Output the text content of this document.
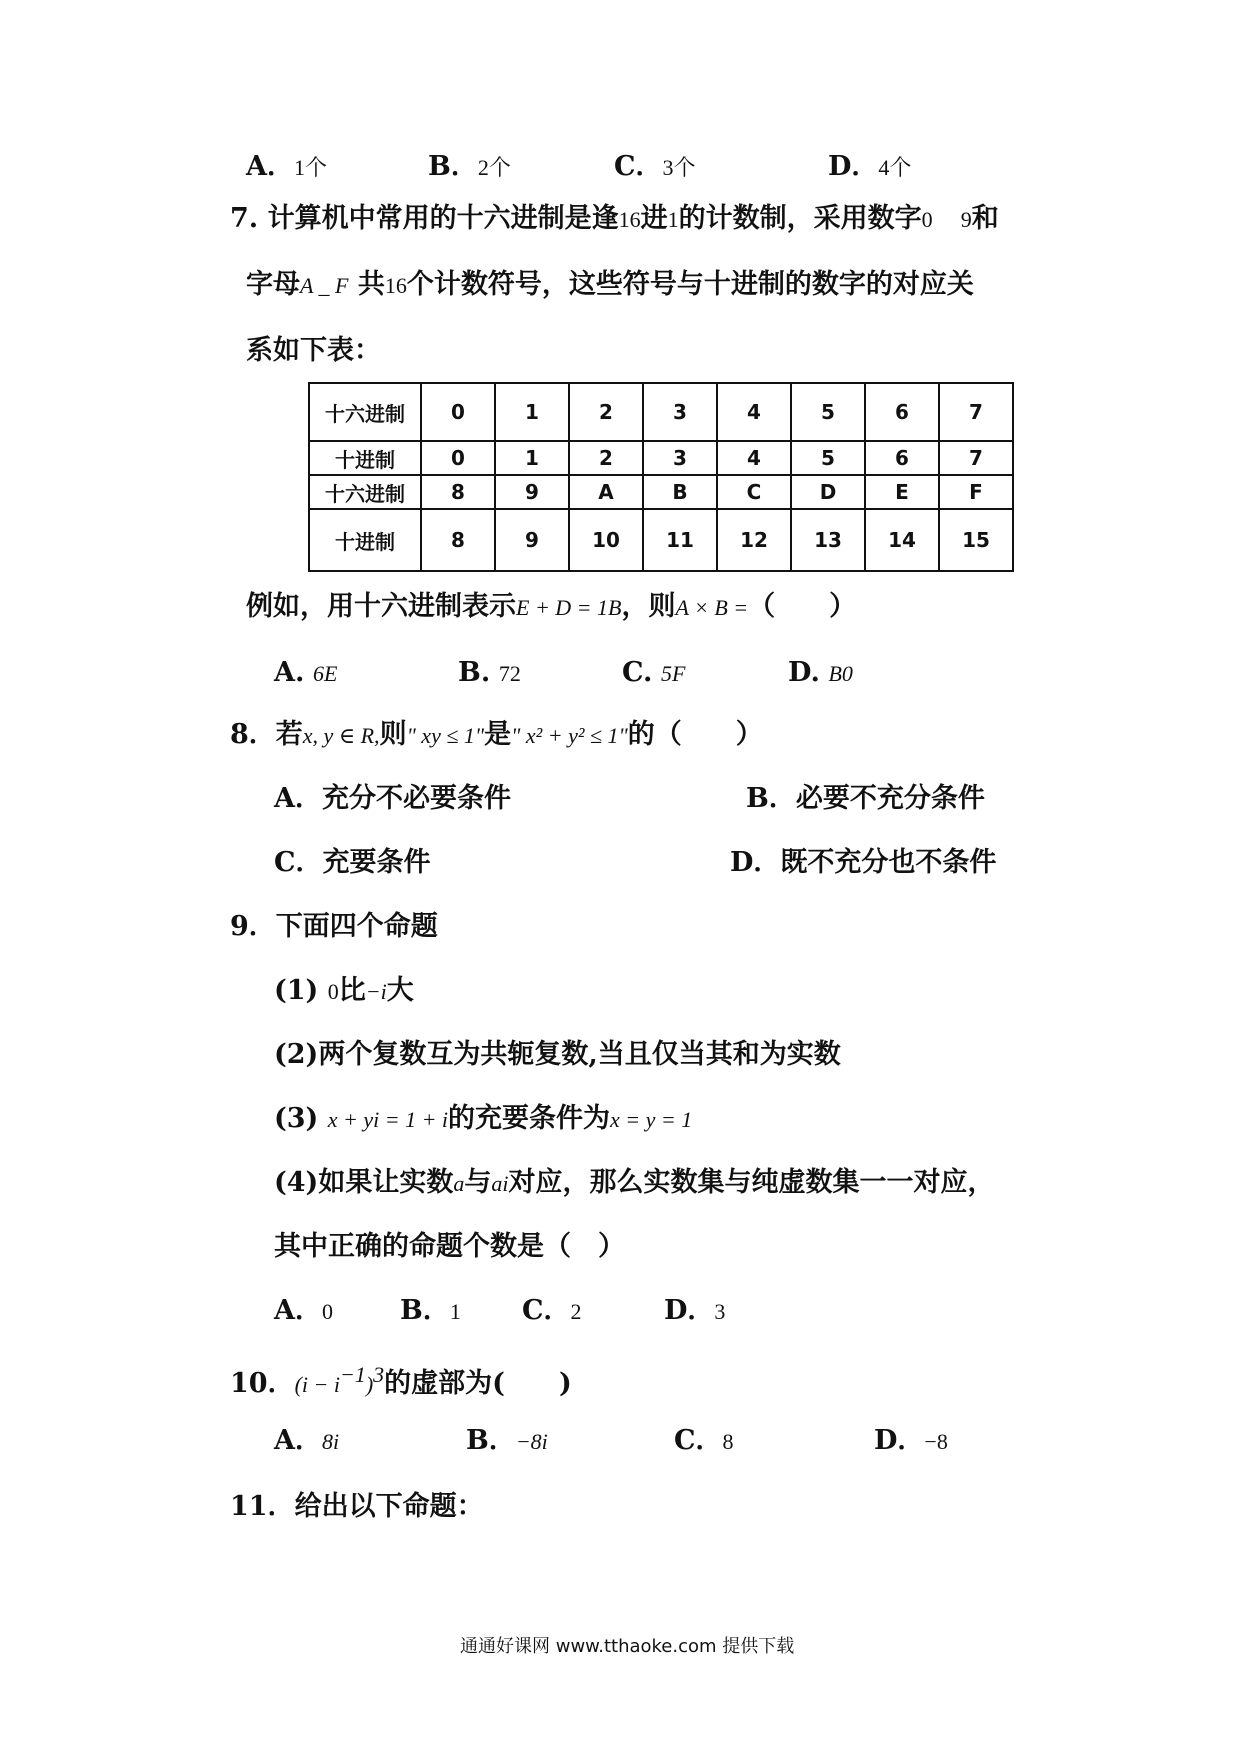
A．1个	B．2个	C．3个	D．4个
7. 计算机中常用的十六进制是逢16进1的计数制，采用数字0 9和
字母A _ F 共16个计数符号，这些符号与十进制的数字的对应关
系如下表：
十六进制	0	1	2	3	4	5	6	7
十进制	0	1	2	3	4	5	6	7
十六进制	8	9	A	B	C	D	E	F
十进制	8	9	10	11	12	13	14	15
例如，用十六进制表示E + D = 1B，则A × B =（　　）
A. 6E	B. 72	C. 5F	D. B0
8．若x, y ∈ R,则" xy ≤ 1"是" x² + y² ≤ 1"的（　　）
A．充分不必要条件	B．必要不充分条件
C．充要条件	D．既不充分也不条件
9．下面四个命题
(1) 0比−i大
(2)两个复数互为共轭复数,当且仅当其和为实数
(3) x + yi = 1 + i的充要条件为x = y = 1
(4)如果让实数a与ai对应，那么实数集与纯虚数集一一对应，
其中正确的命题个数是（　）
A．0 B．1 C．2	D．3
10．$(i - i^{-1})^3$的虚部为(　　)
A．8i	B．−8i	C．8	D．−8
11．给出以下命题：
通通好课网 www.tthaoke.com 提供下载
